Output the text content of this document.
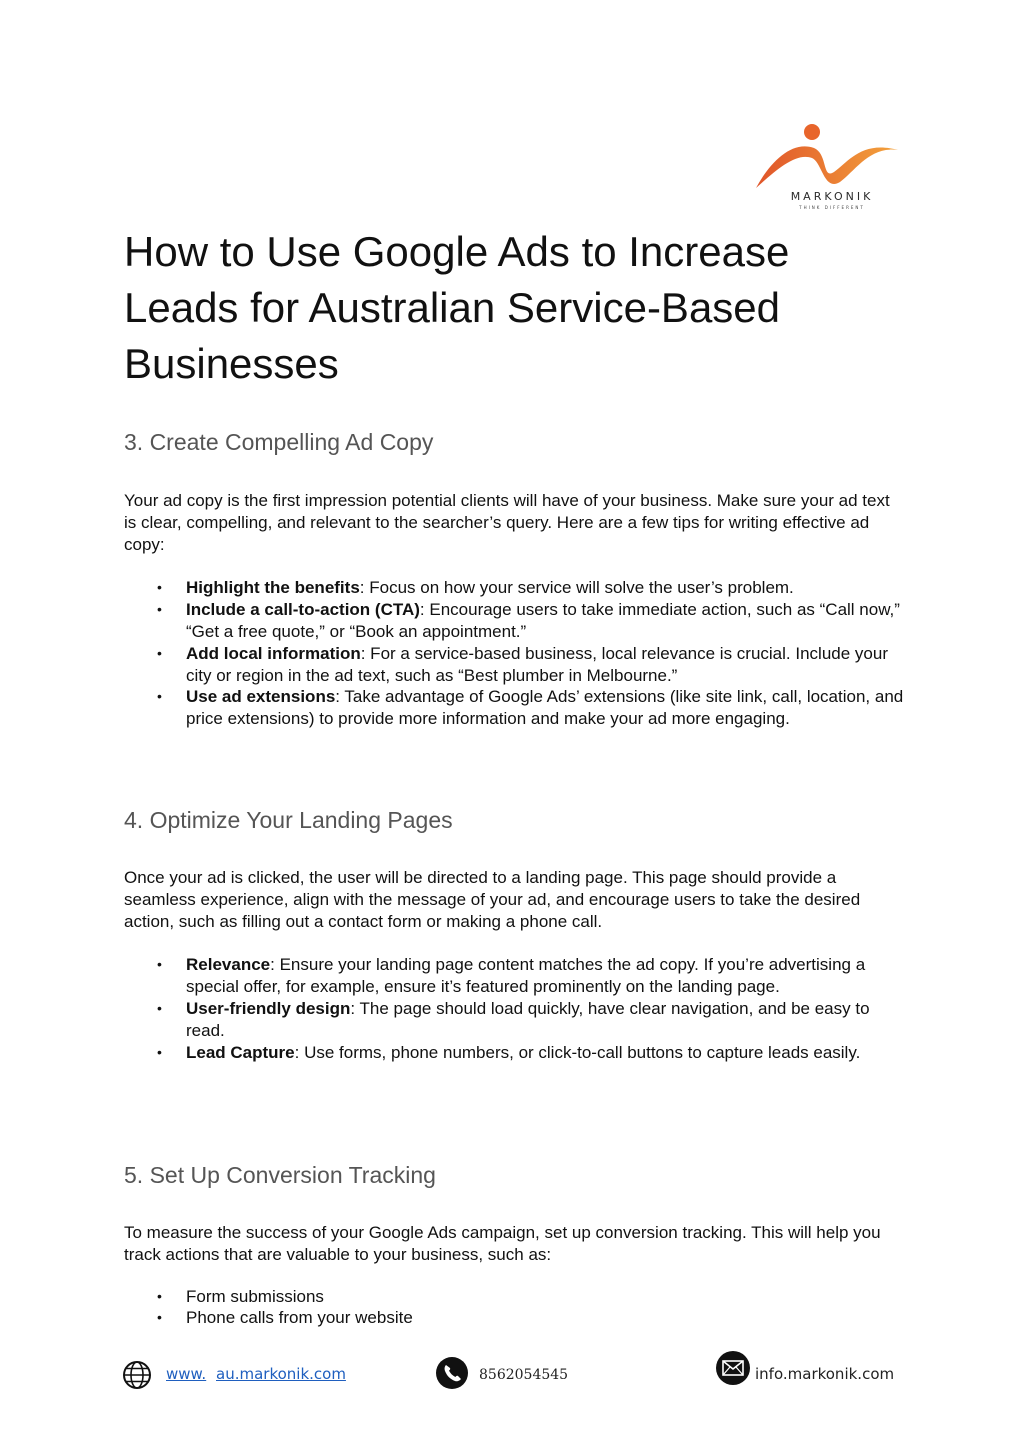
MARKONIK
THINK DIFFERENT
How to Use Google Ads to Increase Leads for Australian Service-Based Businesses
3. Create Compelling Ad Copy

Your ad copy is the first impression potential clients will have of your business. Make sure your ad text is clear, compelling, and relevant to the searcher’s query. Here are a few tips for writing effective ad copy:

• Highlight the benefits: Focus on how your service will solve the user’s problem.
• Include a call-to-action (CTA): Encourage users to take immediate action, such as “Call now,” “Get a free quote,” or “Book an appointment.”
• Add local information: For a service-based business, local relevance is crucial. Include your city or region in the ad text, such as “Best plumber in Melbourne.”
• Use ad extensions: Take advantage of Google Ads’ extensions (like site link, call, location, and price extensions) to provide more information and make your ad more engaging.
4. Optimize Your Landing Pages

Once your ad is clicked, the user will be directed to a landing page. This page should provide a seamless experience, align with the message of your ad, and encourage users to take the desired action, such as filling out a contact form or making a phone call.

• Relevance: Ensure your landing page content matches the ad copy. If you’re advertising a special offer, for example, ensure it’s featured prominently on the landing page.
• User-friendly design: The page should load quickly, have clear navigation, and be easy to read.
• Lead Capture: Use forms, phone numbers, or click-to-call buttons to capture leads easily.
5. Set Up Conversion Tracking

To measure the success of your Google Ads campaign, set up conversion tracking. This will help you track actions that are valuable to your business, such as:

• Form submissions
• Phone calls from your website
www. au.markonik.com	8562054545	info.markonik.com
